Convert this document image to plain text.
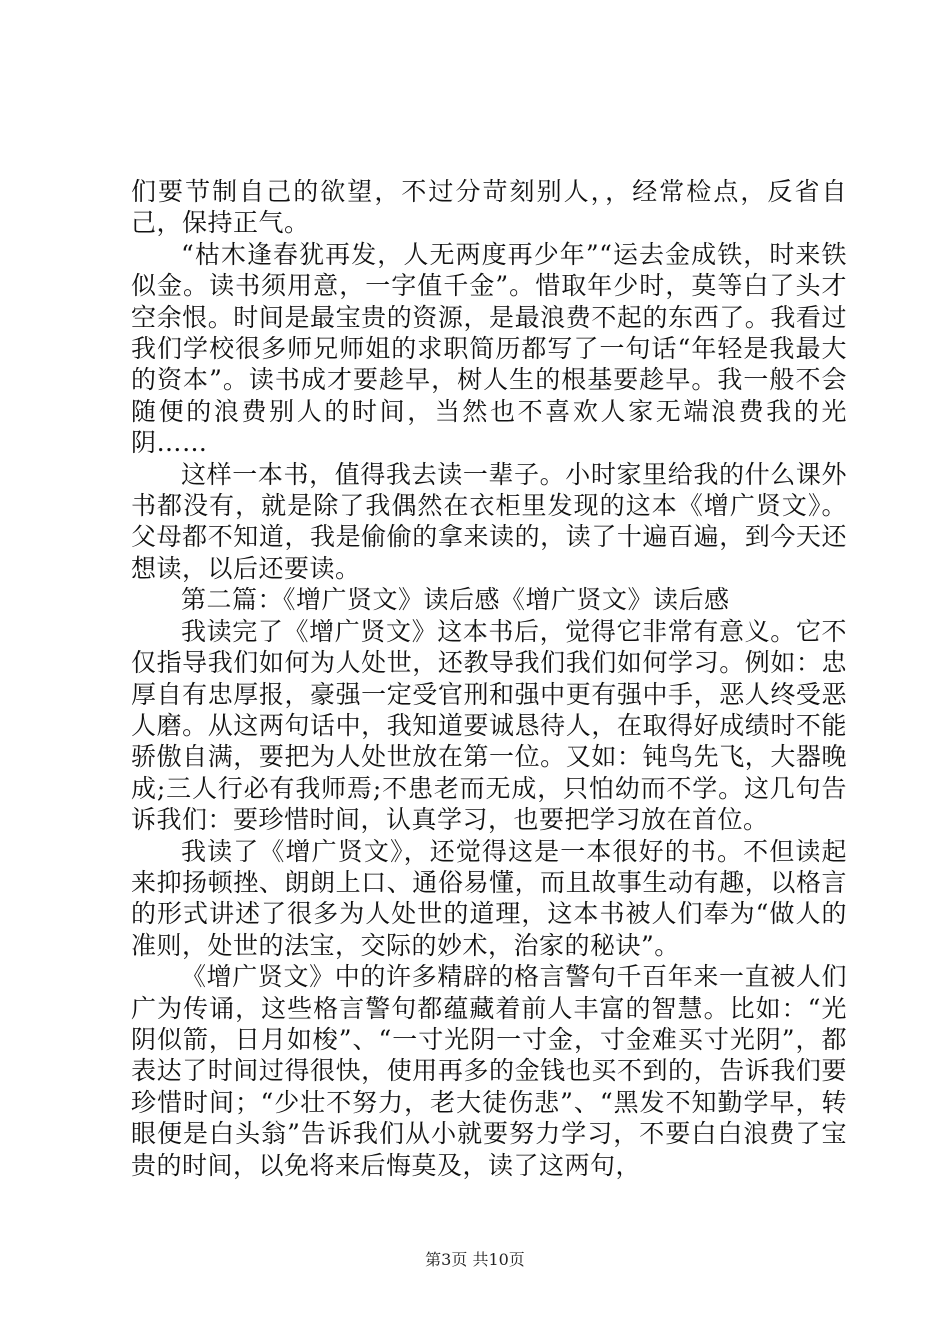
们要节制自己的欲望，不过分苛刻别人，，经常检点，反省自己，保持正气。

“枯木逢春犹再发，人无两度再少年”“运去金成铁，时来铁似金。读书须用意，一字值千金”。惜取年少时，莫等白了头才空余恨。时间是最宝贵的资源，是最浪费不起的东西了。我看过我们学校很多师兄师姐的求职简历都写了一句话“年轻是我最大的资本”。读书成才要趁早，树人生的根基要趁早。我一般不会随便的浪费别人的时间，当然也不喜欢人家无端浪费我的光阴……

这样一本书，值得我去读一辈子。小时家里给我的什么课外书都没有，就是除了我偶然在衣柜里发现的这本《增广贤文》。父母都不知道，我是偷偷的拿来读的，读了十遍百遍，到今天还想读，以后还要读。

第二篇：《增广贤文》读后感《增广贤文》读后感

我读完了《增广贤文》这本书后，觉得它非常有意义。它不仅指导我们如何为人处世，还教导我们我们如何学习。例如：忠厚自有忠厚报，豪强一定受官刑和强中更有强中手，恶人终受恶人磨。从这两句话中，我知道要诚恳待人，在取得好成绩时不能骄傲自满，要把为人处世放在第一位。又如：钝鸟先飞，大器晚成;三人行必有我师焉;不患老而无成，只怕幼而不学。这几句告诉我们：要珍惜时间，认真学习，也要把学习放在首位。

我读了《增广贤文》，还觉得这是一本很好的书。不但读起来抑扬顿挫、朗朗上口、通俗易懂，而且故事生动有趣，以格言的形式讲述了很多为人处世的道理，这本书被人们奉为“做人的准则，处世的法宝，交际的妙术，治家的秘诀”。

《增广贤文》中的许多精辟的格言警句千百年来一直被人们广为传诵，这些格言警句都蕴藏着前人丰富的智慧。比如：“光阴似箭，日月如梭”、“一寸光阴一寸金，寸金难买寸光阴”，都表达了时间过得很快，使用再多的金钱也买不到的，告诉我们要珍惜时间；“少壮不努力，老大徒伤悲”、“黑发不知勤学早，转眼便是白头翁”告诉我们从小就要努力学习，不要白白浪费了宝贵的时间，以免将来后悔莫及，读了这两句，

第3页 共10页
